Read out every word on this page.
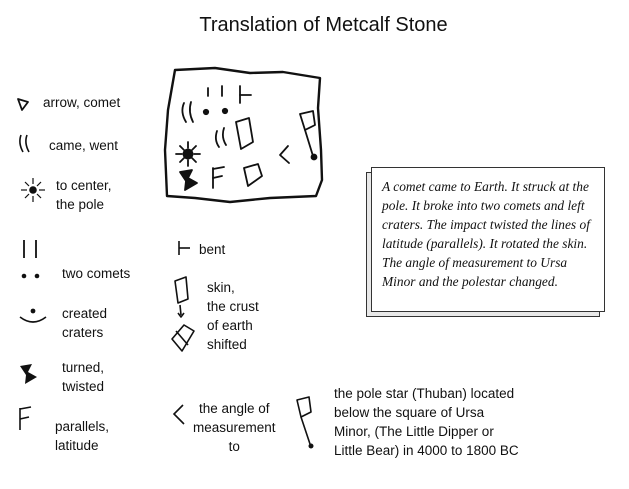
Translation of Metcalf Stone
arrow, comet
came, went
to center,
the pole
two comets
created
craters
turned,
twisted
parallels,
latitude
bent
skin,
the crust
of earth
shifted
the angle of
measurement
to
the pole star (Thuban) located
below the square of Ursa
Minor, (The Little Dipper or
Little Bear) in 4000 to 1800 BC
A comet came to Earth. It struck at the pole. It broke into two comets and left craters. The impact twisted the lines of latitude (parallels). It rotated the skin. The angle of measurement to Ursa Minor and the polestar changed.
